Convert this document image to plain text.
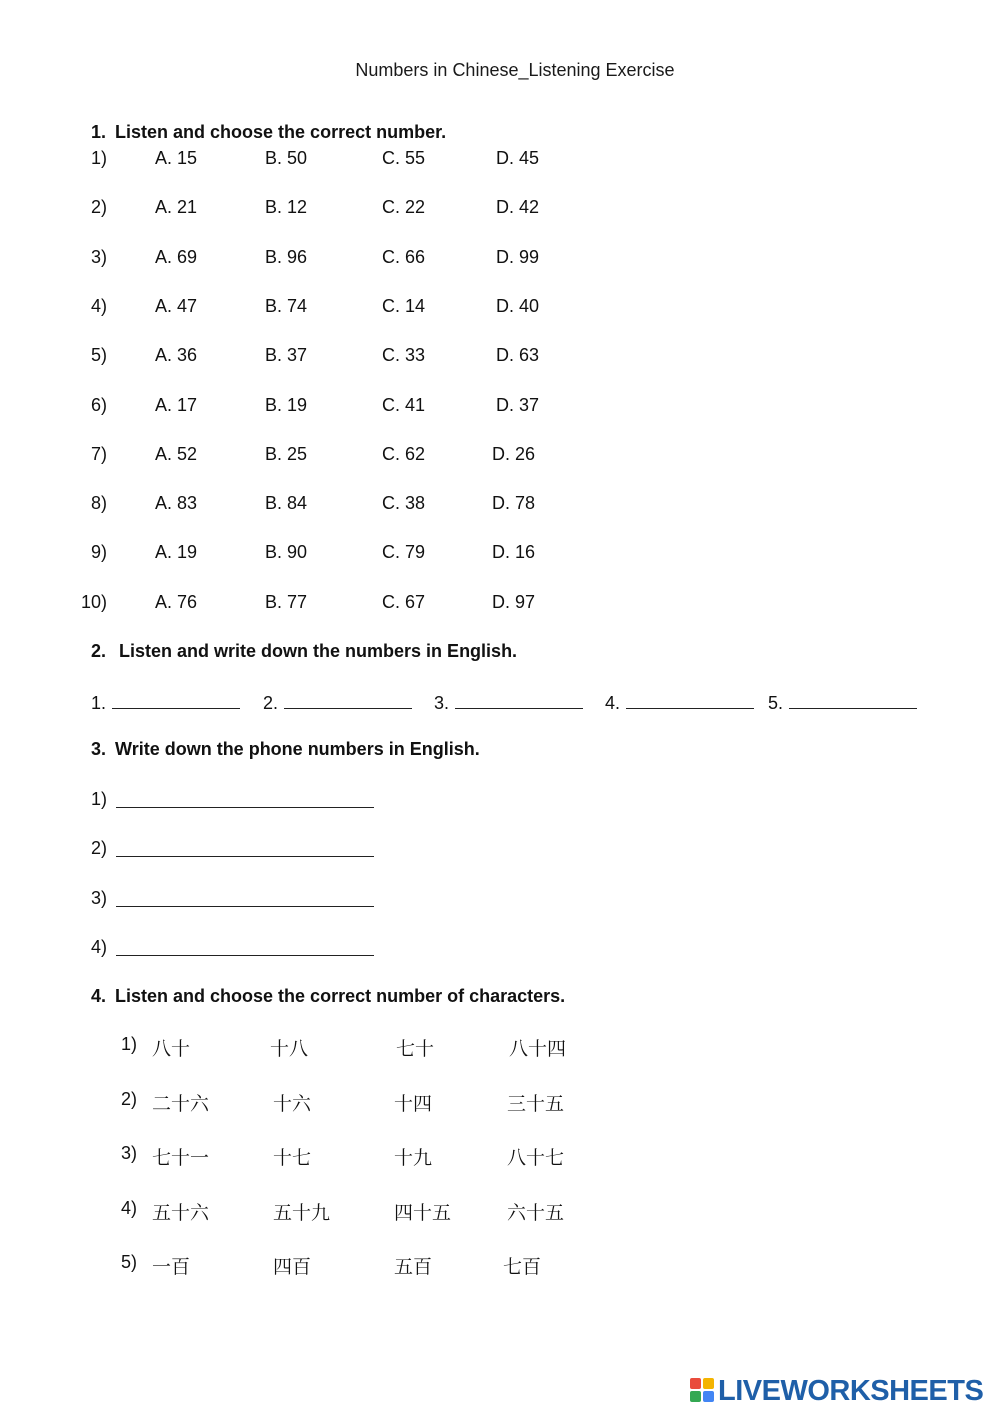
Numbers in Chinese_Listening Exercise
1. Listen and choose the correct number.
1)	A. 15	B. 50	C. 55	D. 45
2)	A. 21	B. 12	C. 22	D. 42
3)	A. 69	B. 96	C. 66	D. 99
4)	A. 47	B. 74	C. 14	D. 40
5)	A. 36	B. 37	C. 33	D. 63
6)	A. 17	B. 19	C. 41	D. 37
7)	A. 52	B. 25	C. 62	D. 26
8)	A. 83	B. 84	C. 38	D. 78
9)	A. 19	B. 90	C. 79	D. 16
10)	A. 76	B. 77	C. 67	D. 97
2. Listen and write down the numbers in English.
1.	2.	3.	4.	5.
3. Write down the phone numbers in English.
1)
2)
3)
4)
4. Listen and choose the correct number of characters.
1) 八十	十八	七十	八十四
2) 二十六	十六	十四	三十五
3) 七十一	十七	十九	八十七
4) 五十六	五十九	四十五	六十五
5) 一百	四百	五百	七百
LIVEWORKSHEETS
